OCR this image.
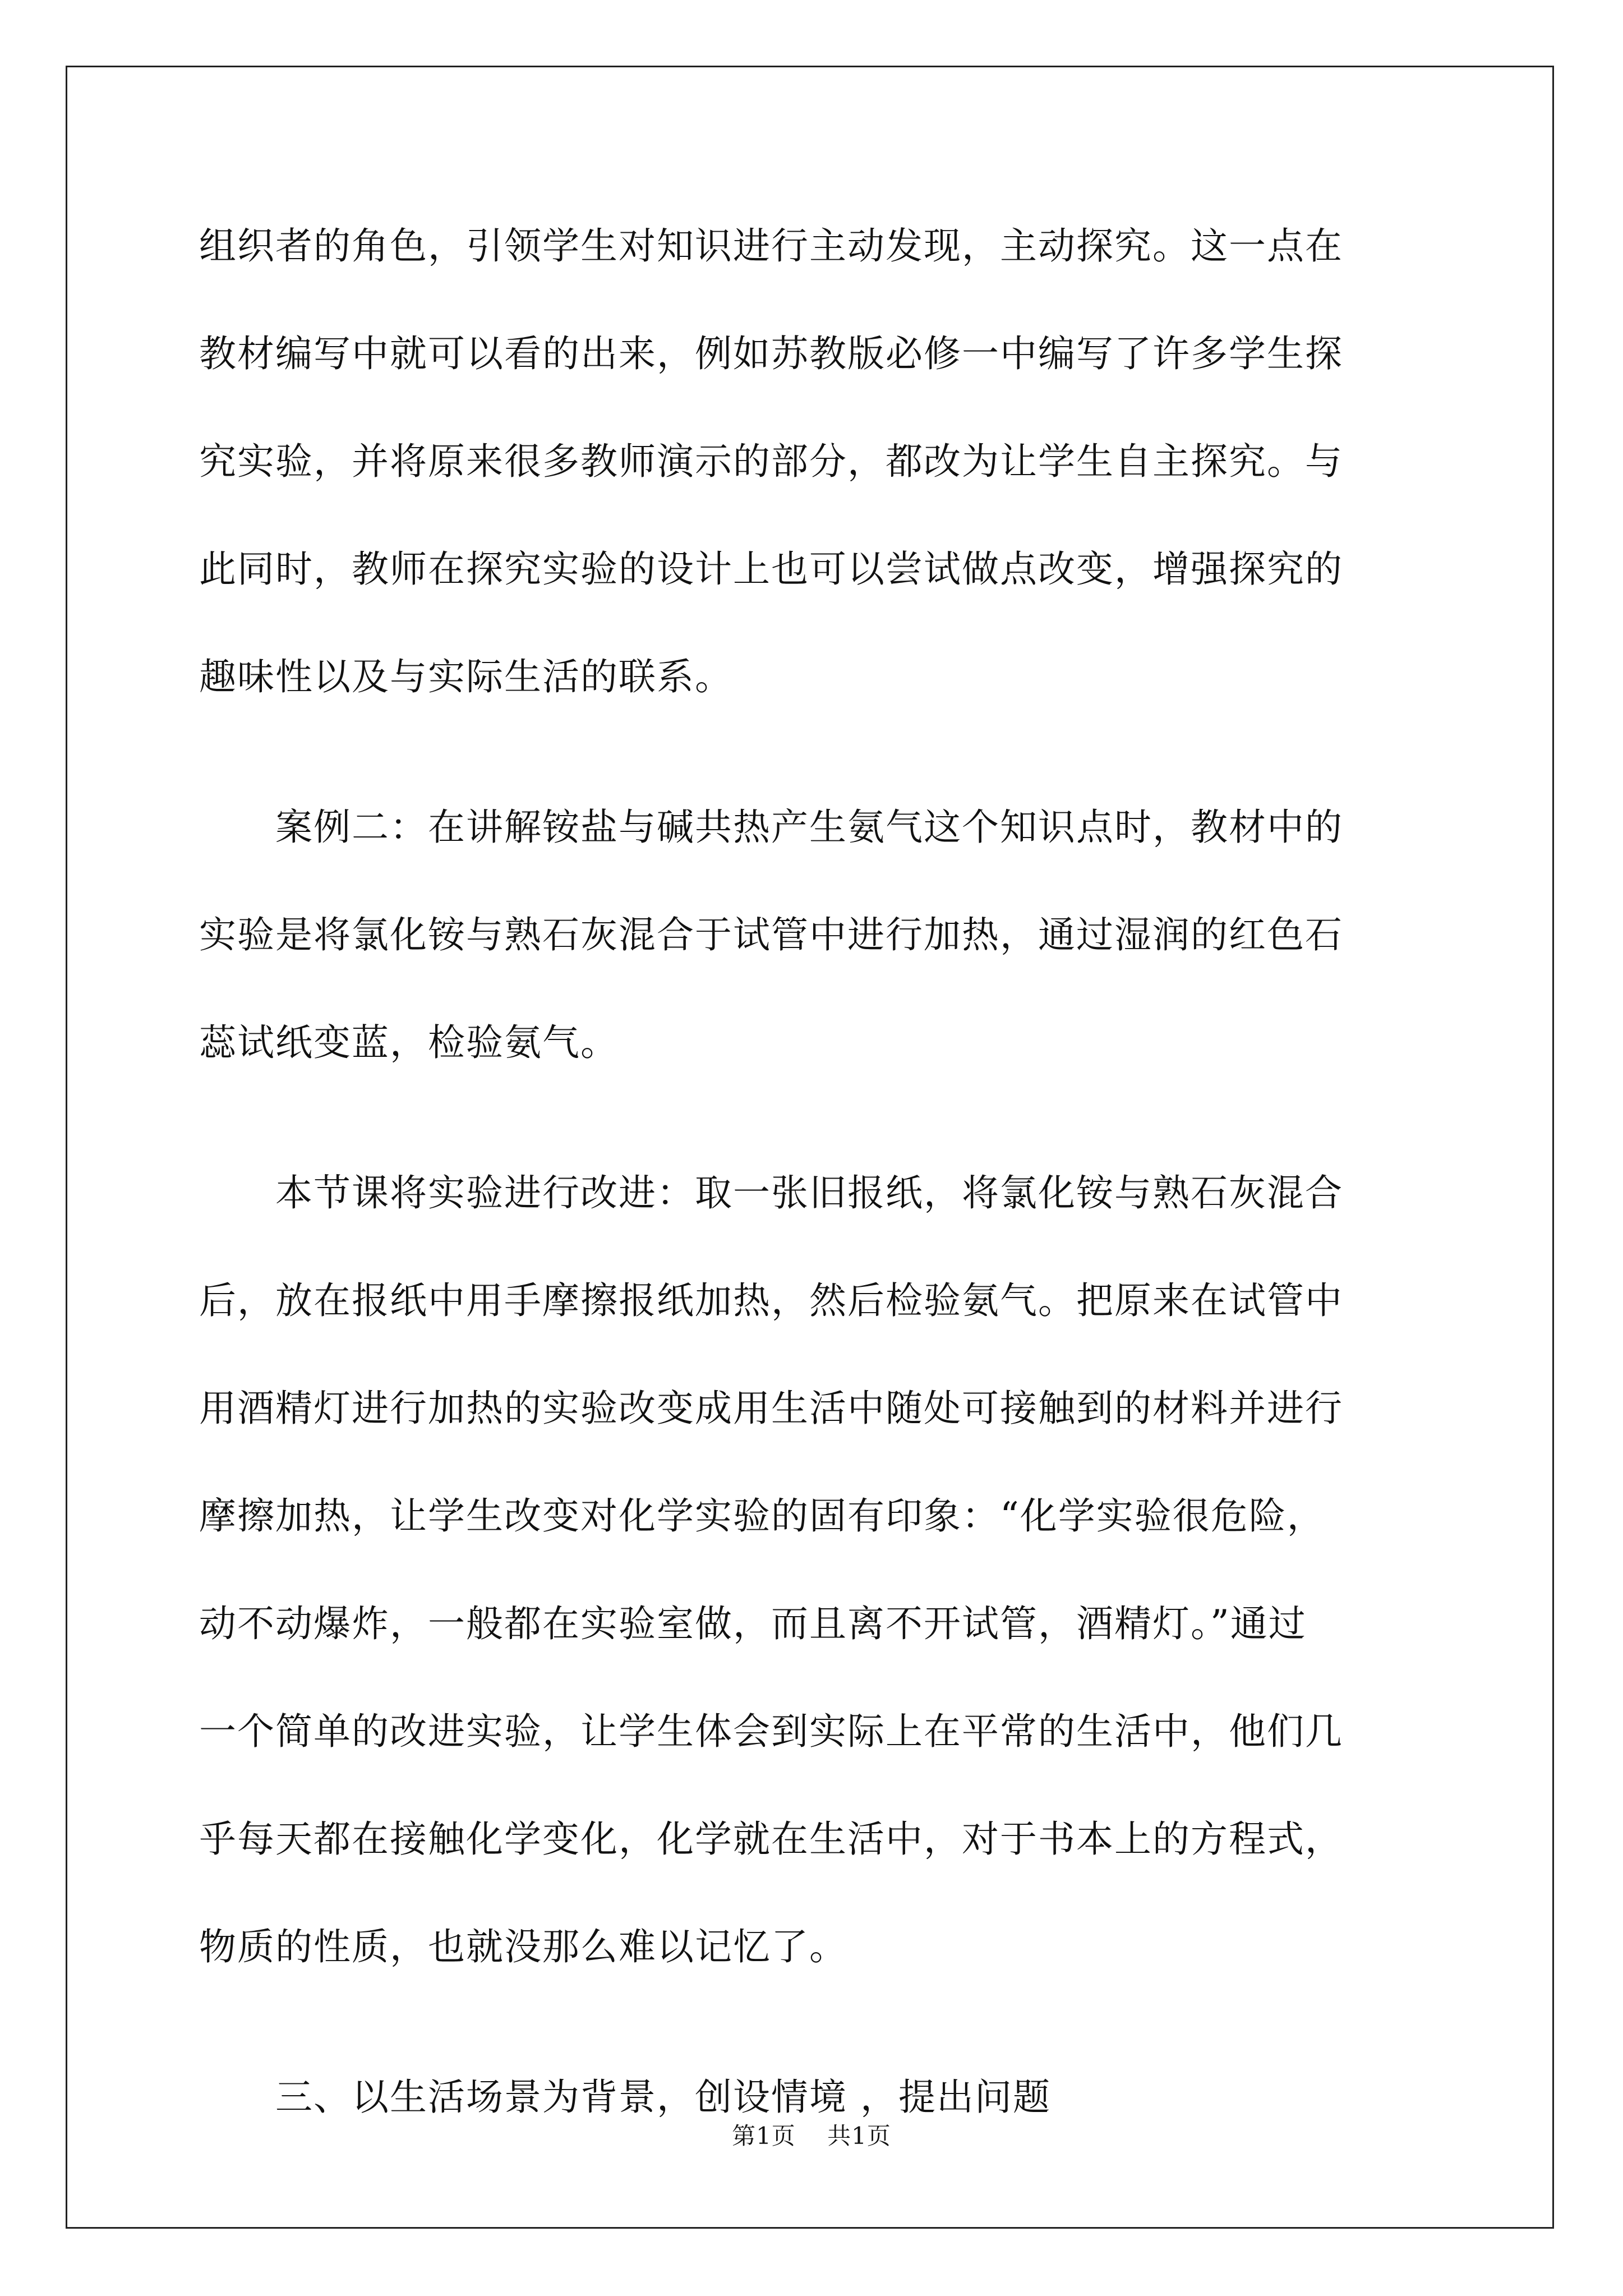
组织者的角色，引领学生对知识进行主动发现，主动探究。这一点在
教材编写中就可以看的出来，例如苏教版必修一中编写了许多学生探
究实验，并将原来很多教师演示的部分，都改为让学生自主探究。与
此同时，教师在探究实验的设计上也可以尝试做点改变，增强探究的
趣味性以及与实际生活的联系。
　　案例二：在讲解铵盐与碱共热产生氨气这个知识点时，教材中的
实验是将氯化铵与熟石灰混合于试管中进行加热，通过湿润的红色石
蕊试纸变蓝，检验氨气。
　　本节课将实验进行改进：取一张旧报纸，将氯化铵与熟石灰混合
后，放在报纸中用手摩擦报纸加热，然后检验氨气。把原来在试管中
用酒精灯进行加热的实验改变成用生活中随处可接触到的材料并进行
摩擦加热，让学生改变对化学实验的固有印象：“化学实验很危险，
动不动爆炸，一般都在实验室做，而且离不开试管，酒精灯。”通过
一个简单的改进实验，让学生体会到实际上在平常的生活中，他们几
乎每天都在接触化学变化，化学就在生活中，对于书本上的方程式，
物质的性质，也就没那么难以记忆了。
　　三、以生活场景为背景，创设情境 ，提出问题
第1页 共1页
